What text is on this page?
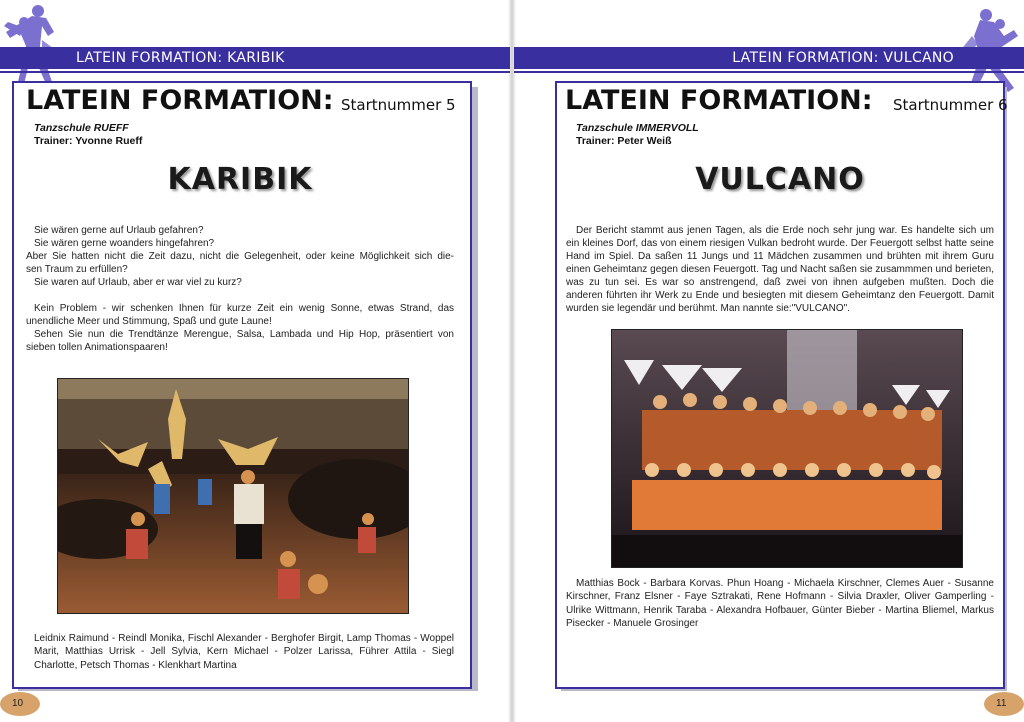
LATEIN FORMATION: KARIBIK
LATEIN FORMATION: Startnummer 5
Tanzschule RUEFF
Trainer: Yvonne Rueff
KARIBIK

Sie wären gerne auf Urlaub gefahren?

Sie wären gerne woanders hingefahren?

Aber Sie hatten nicht die Zeit dazu, nicht die Gelegenheit, oder keine Möglichkeit sich die-

sen Traum zu erfüllen?

Sie waren auf Urlaub, aber er war viel zu kurz?

Kein Problem - wir schenken Ihnen für kurze Zeit ein wenig Sonne, etwas Strand, das

unendliche Meer und Stimmung, Spaß und gute Laune!

Sehen Sie nun die Trendtänze Merengue, Salsa, Lambada und Hip Hop, präsentiert von

sieben tollen Animationspaaren!

Leidnix Raimund - Reindl Monika, Fischl Alexander - Berghofer Birgit, Lamp Thomas - Woppel Marit, Matthias Urrisk - Jell Sylvia, Kern Michael - Polzer Larissa, Führer Attila - Siegl Charlotte, Petsch Thomas - Klenkhart Martina
10
LATEIN FORMATION: VULCANO
LATEIN FORMATION: Startnummer 6
Tanzschule IMMERVOLL
Trainer: Peter Weiß
VULCANO
Der Bericht stammt aus jenen Tagen, als die Erde noch sehr jung war. Es handelte sich um ein kleines Dorf, das von einem riesigen Vulkan bedroht wurde. Der Feuergott selbst hatte seine Hand im Spiel. Da saßen 11 Jungs und 11 Mädchen zusammen und brühten mit ihrem Guru einen Geheimtanz gegen diesen Feuergott. Tag und Nacht saßen sie zusammmen und berieten, was zu tun sei. Es war so anstrengend, daß zwei von ihnen aufgeben mußten. Doch die anderen führten ihr Werk zu Ende und besiegten mit diesem Geheimtanz den Feuergott. Damit wurden sie legendär und berühmt. Man nannte sie:"VULCANO".
Matthias Bock - Barbara Korvas. Phun Hoang - Michaela Kirschner, Clemes Auer - Susanne Kirschner, Franz Elsner - Faye Sztrakati, Rene Hofmann - Silvia Draxler, Oliver Gamperling - Ulrike Wittmann, Henrik Taraba - Alexandra Hofbauer, Günter Bieber - Martina Bliemel, Markus Pisecker - Manuele Grosinger
11
